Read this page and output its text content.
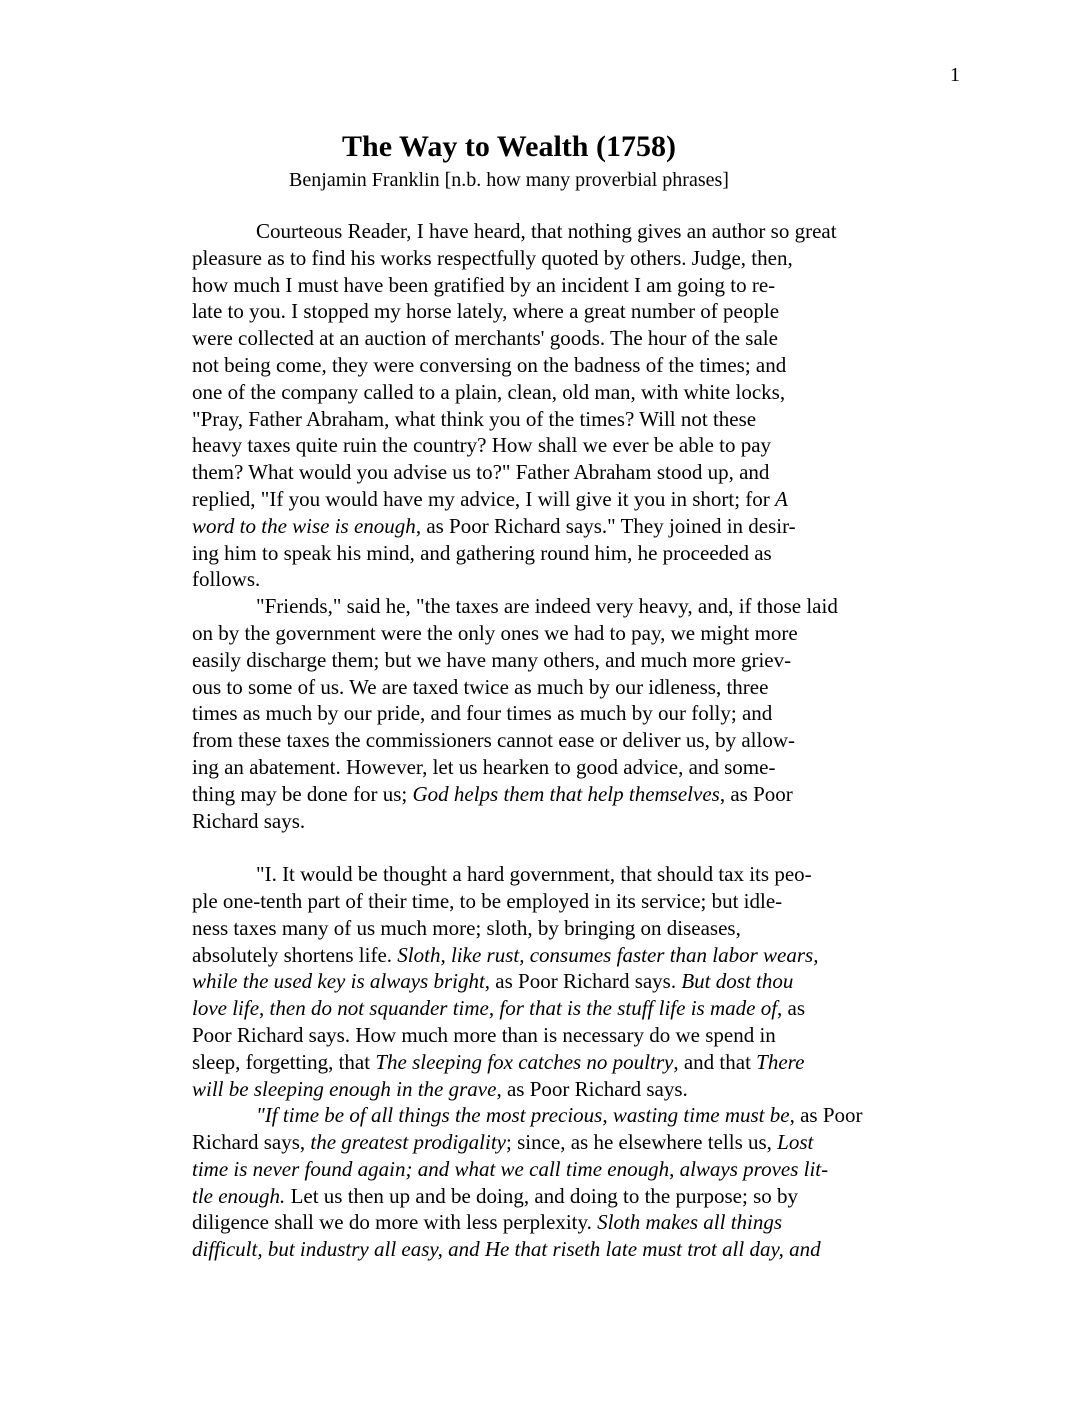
1
The Way to Wealth (1758)
Benjamin Franklin [n.b. how many proverbial phrases]
Courteous Reader, I have heard, that nothing gives an author so great
pleasure as to find his works respectfully quoted by others. Judge, then,
how much I must have been gratified by an incident I am going to re-
late to you. I stopped my horse lately, where a great number of people
were collected at an auction of merchants' goods. The hour of the sale
not being come, they were conversing on the badness of the times; and
one of the company called to a plain, clean, old man, with white locks,
"Pray, Father Abraham, what think you of the times? Will not these
heavy taxes quite ruin the country? How shall we ever be able to pay
them? What would you advise us to?" Father Abraham stood up, and
replied, "If you would have my advice, I will give it you in short; for A
word to the wise is enough, as Poor Richard says." They joined in desir-
ing him to speak his mind, and gathering round him, he proceeded as
follows.
"Friends," said he, "the taxes are indeed very heavy, and, if those laid
on by the government were the only ones we had to pay, we might more
easily discharge them; but we have many others, and much more griev-
ous to some of us. We are taxed twice as much by our idleness, three
times as much by our pride, and four times as much by our folly; and
from these taxes the commissioners cannot ease or deliver us, by allow-
ing an abatement. However, let us hearken to good advice, and some-
thing may be done for us; God helps them that help themselves, as Poor
Richard says.
"I. It would be thought a hard government, that should tax its peo-
ple one-tenth part of their time, to be employed in its service; but idle-
ness taxes many of us much more; sloth, by bringing on diseases,
absolutely shortens life. Sloth, like rust, consumes faster than labor wears,
while the used key is always bright, as Poor Richard says. But dost thou
love life, then do not squander time, for that is the stuff life is made of, as
Poor Richard says. How much more than is necessary do we spend in
sleep, forgetting, that The sleeping fox catches no poultry, and that There
will be sleeping enough in the grave, as Poor Richard says.
"If time be of all things the most precious, wasting time must be, as Poor
Richard says, the greatest prodigality; since, as he elsewhere tells us, Lost
time is never found again; and what we call time enough, always proves lit-
tle enough. Let us then up and be doing, and doing to the purpose; so by
diligence shall we do more with less perplexity. Sloth makes all things
difficult, but industry all easy, and He that riseth late must trot all day, and
